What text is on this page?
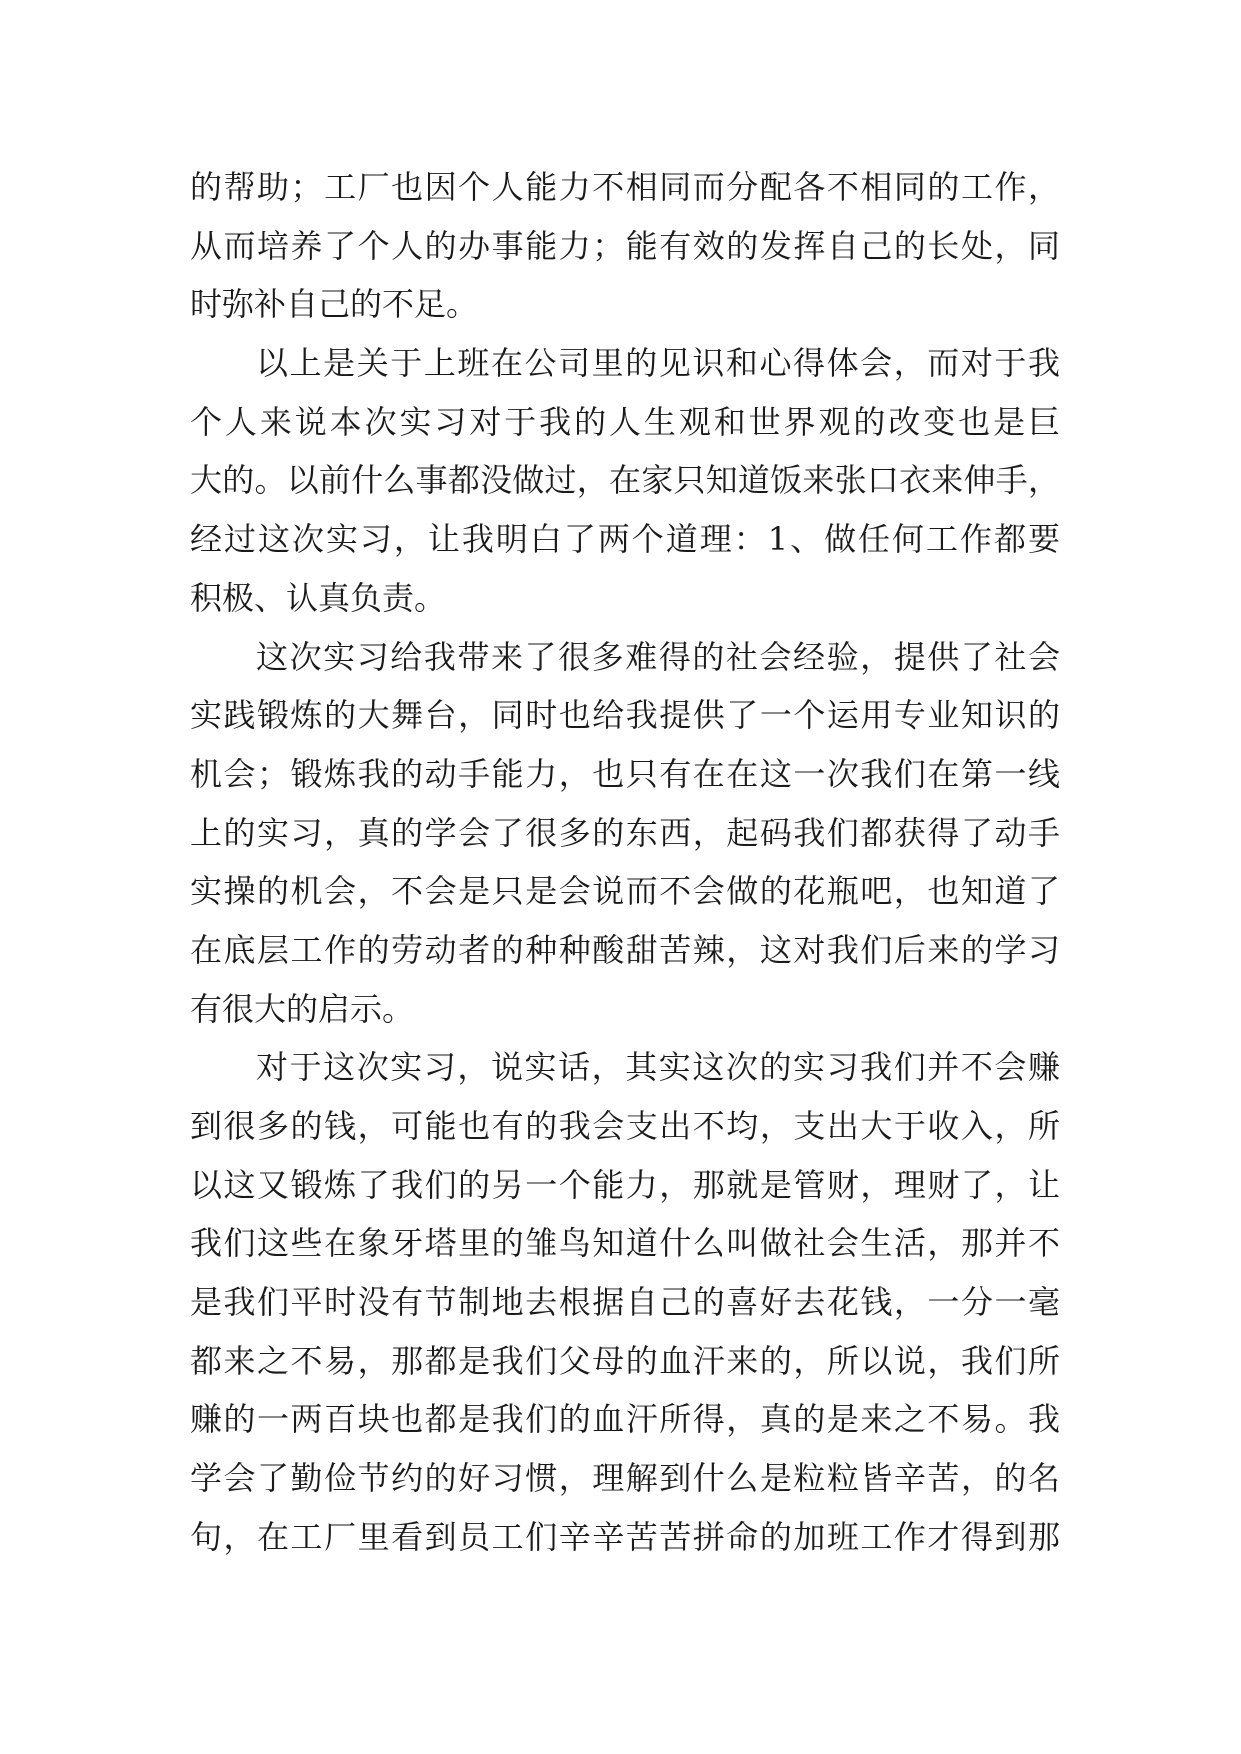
的帮助；工厂也因个人能力不相同而分配各不相同的工作，
从而培养了个人的办事能力；能有效的发挥自己的长处，同
时弥补自己的不足。
以上是关于上班在公司里的见识和心得体会，而对于我
个人来说本次实习对于我的人生观和世界观的改变也是巨
大的。以前什么事都没做过，在家只知道饭来张口衣来伸手，
经过这次实习，让我明白了两个道理：1、做任何工作都要
积极、认真负责。
这次实习给我带来了很多难得的社会经验，提供了社会
实践锻炼的大舞台，同时也给我提供了一个运用专业知识的
机会；锻炼我的动手能力，也只有在在这一次我们在第一线
上的实习，真的学会了很多的东西，起码我们都获得了动手
实操的机会，不会是只是会说而不会做的花瓶吧，也知道了
在底层工作的劳动者的种种酸甜苦辣，这对我们后来的学习
有很大的启示。
对于这次实习，说实话，其实这次的实习我们并不会赚
到很多的钱，可能也有的我会支出不均，支出大于收入，所
以这又锻炼了我们的另一个能力，那就是管财，理财了，让
我们这些在象牙塔里的雏鸟知道什么叫做社会生活，那并不
是我们平时没有节制地去根据自己的喜好去花钱，一分一毫
都来之不易，那都是我们父母的血汗来的，所以说，我们所
赚的一两百块也都是我们的血汗所得，真的是来之不易。我
学会了勤俭节约的好习惯，理解到什么是粒粒皆辛苦，的名
句，在工厂里看到员工们辛辛苦苦拼命的加班工作才得到那
